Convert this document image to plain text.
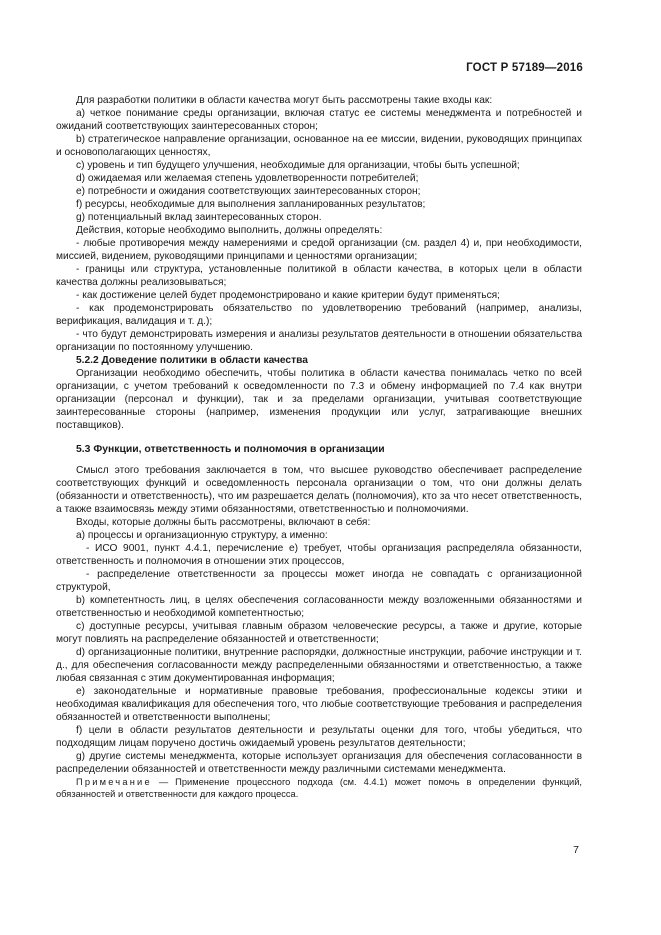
ГОСТ Р 57189—2016

Для разработки политики в области качества могут быть рассмотрены такие входы как:

a) четкое понимание среды организации, включая статус ее системы менеджмента и потребностей и ожиданий соответствующих заинтересованных сторон;

b) стратегическое направление организации, основанное на ее миссии, видении, руководящих принципах и основополагающих ценностях,

c) уровень и тип будущего улучшения, необходимые для организации, чтобы быть успешной;

d) ожидаемая или желаемая степень удовлетворенности потребителей;

e) потребности и ожидания соответствующих заинтересованных сторон;

f) ресурсы, необходимые для выполнения запланированных результатов;

g) потенциальный вклад заинтересованных сторон.

Действия, которые необходимо выполнить, должны определять:

- любые противоречия между намерениями и средой организации (см. раздел 4) и, при необходимости, миссией, видением, руководящими принципами и ценностями организации;

- границы или структура, установленные политикой в области качества, в которых цели в области качества должны реализовываться;

- как достижение целей будет продемонстрировано и какие критерии будут применяться;

- как продемонстрировать обязательство по удовлетворению требований (например, анализы, верификация, валидация и т. д.);

- что будут демонстрировать измерения и анализы результатов деятельности в отношении обязательства организации по постоянному улучшению.

5.2.2 Доведение политики в области качества

Организации необходимо обеспечить, чтобы политика в области качества понималась четко по всей организации, с учетом требований к осведомленности по 7.3 и обмену информацией по 7.4 как внутри организации (персонал и функции), так и за пределами организации, учитывая соответствующие заинтересованные стороны (например, изменения продукции или услуг, затрагивающие внешних поставщиков).

5.3 Функции, ответственность и полномочия в организации

Смысл этого требования заключается в том, что высшее руководство обеспечивает распределение соответствующих функций и осведомленность персонала организации о том, что они должны делать (обязанности и ответственность), что им разрешается делать (полномочия), кто за что несет ответственность, а также взаимосвязь между этими обязанностями, ответственностью и полномочиями.

Входы, которые должны быть рассмотрены, включают в себя:

a) процессы и организационную структуру, а именно:

- ИСО 9001, пункт 4.4.1, перечисление е) требует, чтобы организация распределяла обязанности, ответственность и полномочия в отношении этих процессов,

- распределение ответственности за процессы может иногда не совпадать с организационной структурой,

b) компетентность лиц, в целях обеспечения согласованности между возложенными обязанностями и ответственностью и необходимой компетентностью;

c) доступные ресурсы, учитывая главным образом человеческие ресурсы, а также и другие, которые могут повлиять на распределение обязанностей и ответственности;

d) организационные политики, внутренние распорядки, должностные инструкции, рабочие инструкции и т. д., для обеспечения согласованности между распределенными обязанностями и ответственностью, а также любая связанная с этим документированная информация;

e) законодательные и нормативные правовые требования, профессиональные кодексы этики и необходимая квалификация для обеспечения того, что любые соответствующие требования и распределения обязанностей и ответственности выполнены;

f) цели в области результатов деятельности и результаты оценки для того, чтобы убедиться, что подходящим лицам поручено достичь ожидаемый уровень результатов деятельности;

g) другие системы менеджмента, которые использует организация для обеспечения согласованности в распределении обязанностей и ответственности между различными системами менеджмента.

Примечание — Применение процессного подхода (см. 4.4.1) может помочь в определении функций, обязанностей и ответственности для каждого процесса.

7
